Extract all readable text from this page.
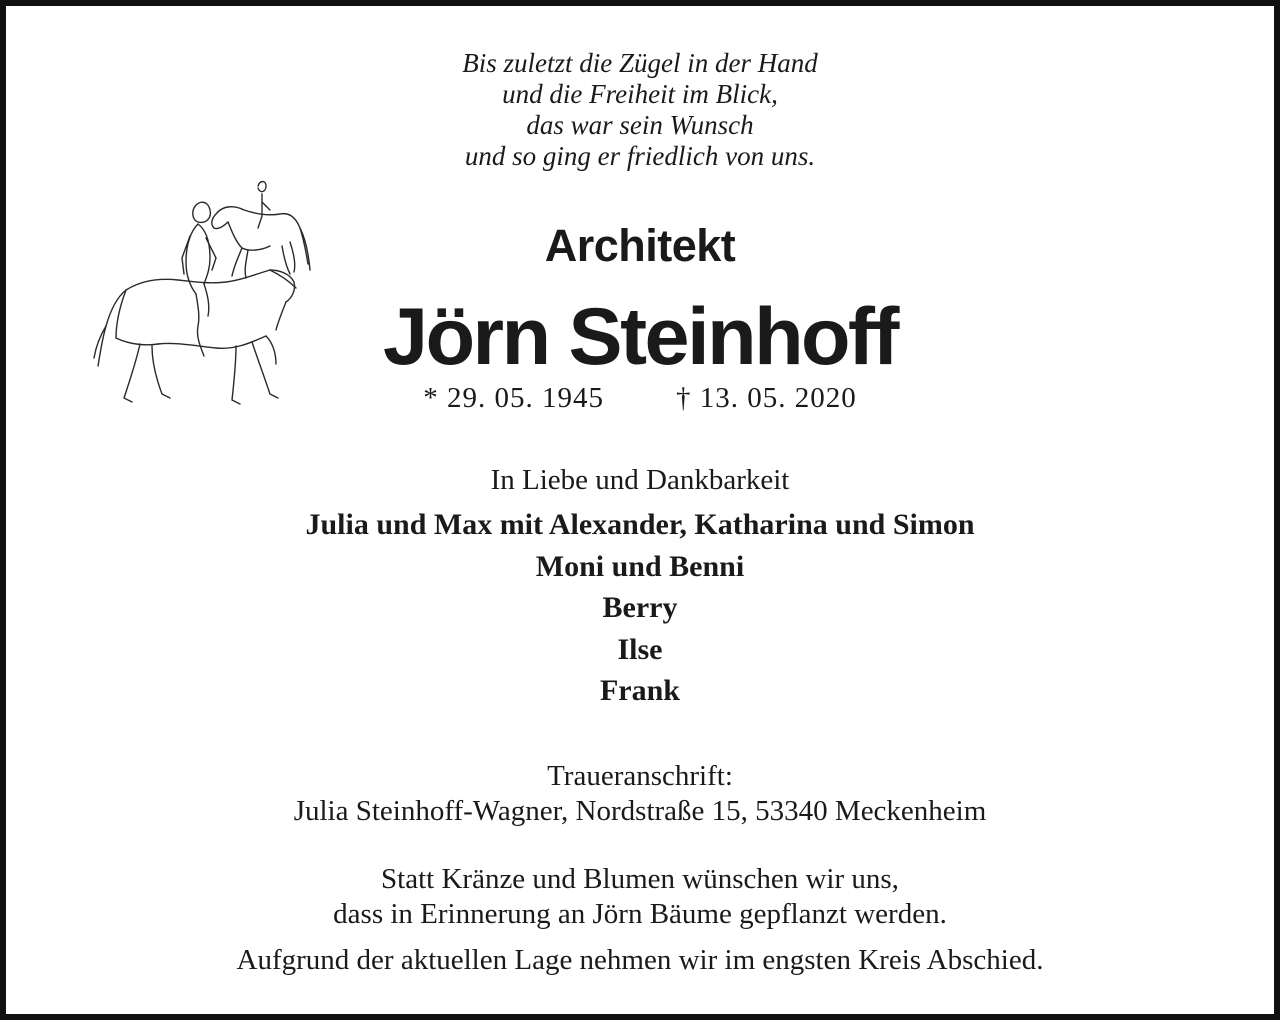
Bis zuletzt die Zügel in der Hand
und die Freiheit im Blick,
das war sein Wunsch
und so ging er friedlich von uns.
Architekt
Jörn Steinhoff
* 29. 05. 1945 † 13. 05. 2020
In Liebe und Dankbarkeit
Julia und Max mit Alexander, Katharina und Simon
Moni und Benni
Berry
Ilse
Frank
Traueranschrift:
Julia Steinhoff-Wagner, Nordstraße 15, 53340 Meckenheim
Statt Kränze und Blumen wünschen wir uns,
dass in Erinnerung an Jörn Bäume gepflanzt werden.
Aufgrund der aktuellen Lage nehmen wir im engsten Kreis Abschied.
